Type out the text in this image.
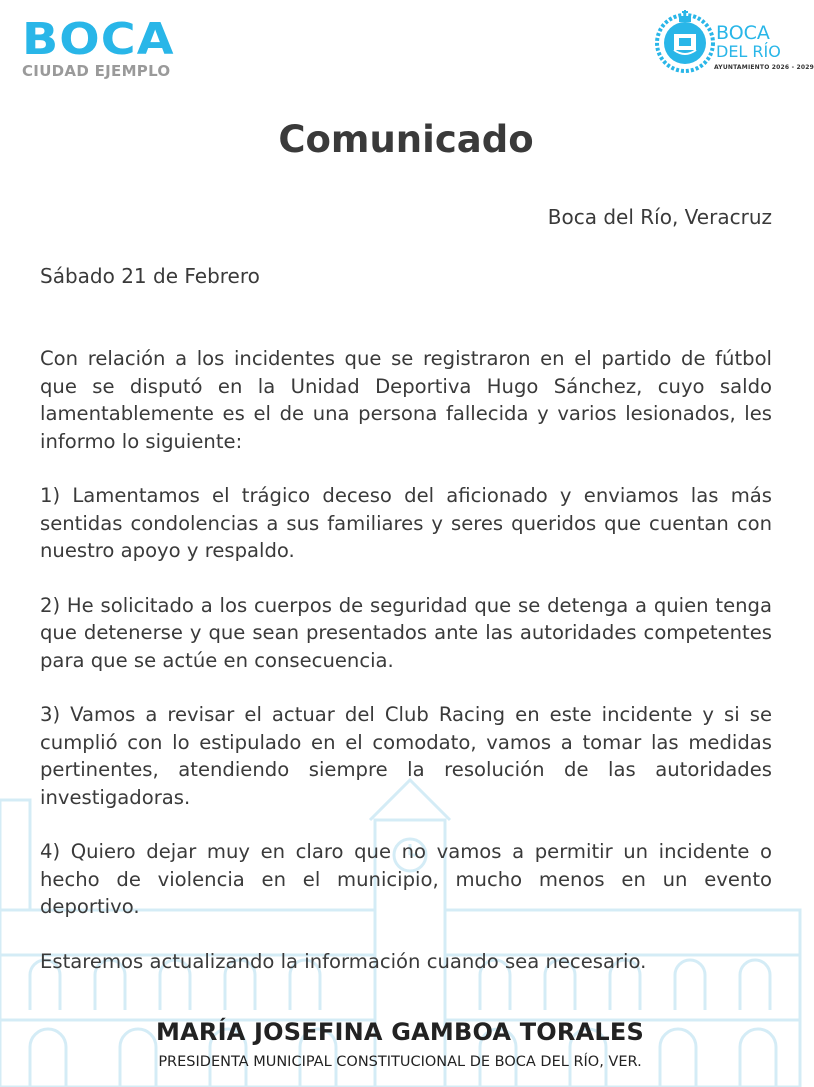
BOCA
CIUDAD EJEMPLO
BOCA
DEL RÍO
AYUNTAMIENTO 2026 - 2029
Comunicado
Boca del Río, Veracruz
Sábado 21 de Febrero

Con relación a los incidentes que se registraron en el partido de fútbol que se disputó en la Unidad Deportiva Hugo Sánchez, cuyo saldo lamentablemente es el de una persona fallecida y varios lesionados, les informo lo siguiente:

1) Lamentamos el trágico deceso del aficionado y enviamos las más sentidas condolencias a sus familiares y seres queridos que cuentan con nuestro apoyo y respaldo.

2) He solicitado a los cuerpos de seguridad que se detenga a quien tenga que detenerse y que sean presentados ante las autoridades competentes para que se actúe en consecuencia.

3) Vamos a revisar el actuar del Club Racing en este incidente y si se cumplió con lo estipulado en el comodato, vamos a tomar las medidas pertinentes, atendiendo siempre la resolución de las autoridades investigadoras.

4) Quiero dejar muy en claro que no vamos a permitir un incidente o hecho de violencia en el municipio, mucho menos en un evento deportivo.

Estaremos actualizando la información cuando sea necesario.

MARÍA JOSEFINA GAMBOA TORALES
PRESIDENTA MUNICIPAL CONSTITUCIONAL DE BOCA DEL RÍO, VER.
